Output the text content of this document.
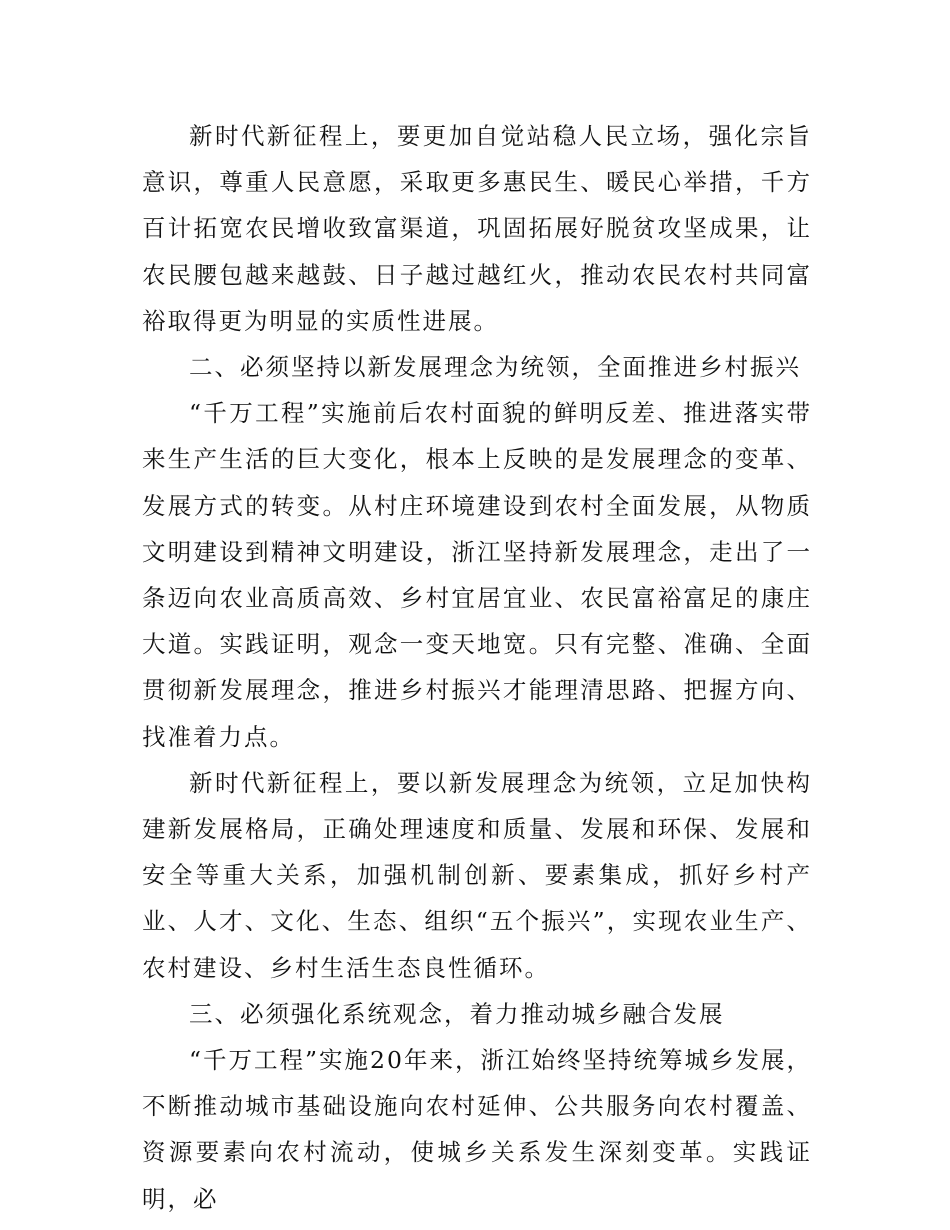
新时代新征程上，要更加自觉站稳人民立场，强化宗旨意识，尊重人民意愿，采取更多惠民生、暖民心举措，千方百计拓宽农民增收致富渠道，巩固拓展好脱贫攻坚成果，让农民腰包越来越鼓、日子越过越红火，推动农民农村共同富裕取得更为明显的实质性进展。

二、必须坚持以新发展理念为统领，全面推进乡村振兴

“千万工程”实施前后农村面貌的鲜明反差、推进落实带来生产生活的巨大变化，根本上反映的是发展理念的变革、发展方式的转变。从村庄环境建设到农村全面发展，从物质文明建设到精神文明建设，浙江坚持新发展理念，走出了一条迈向农业高质高效、乡村宜居宜业、农民富裕富足的康庄大道。实践证明，观念一变天地宽。只有完整、准确、全面贯彻新发展理念，推进乡村振兴才能理清思路、把握方向、找准着力点。

新时代新征程上，要以新发展理念为统领，立足加快构建新发展格局，正确处理速度和质量、发展和环保、发展和安全等重大关系，加强机制创新、要素集成，抓好乡村产业、人才、文化、生态、组织“五个振兴”，实现农业生产、农村建设、乡村生活生态良性循环。

三、必须强化系统观念，着力推动城乡融合发展

“千万工程”实施20年来，浙江始终坚持统筹城乡发展，不断推动城市基础设施向农村延伸、公共服务向农村覆盖、资源要素向农村流动，使城乡关系发生深刻变革。实践证明，必
